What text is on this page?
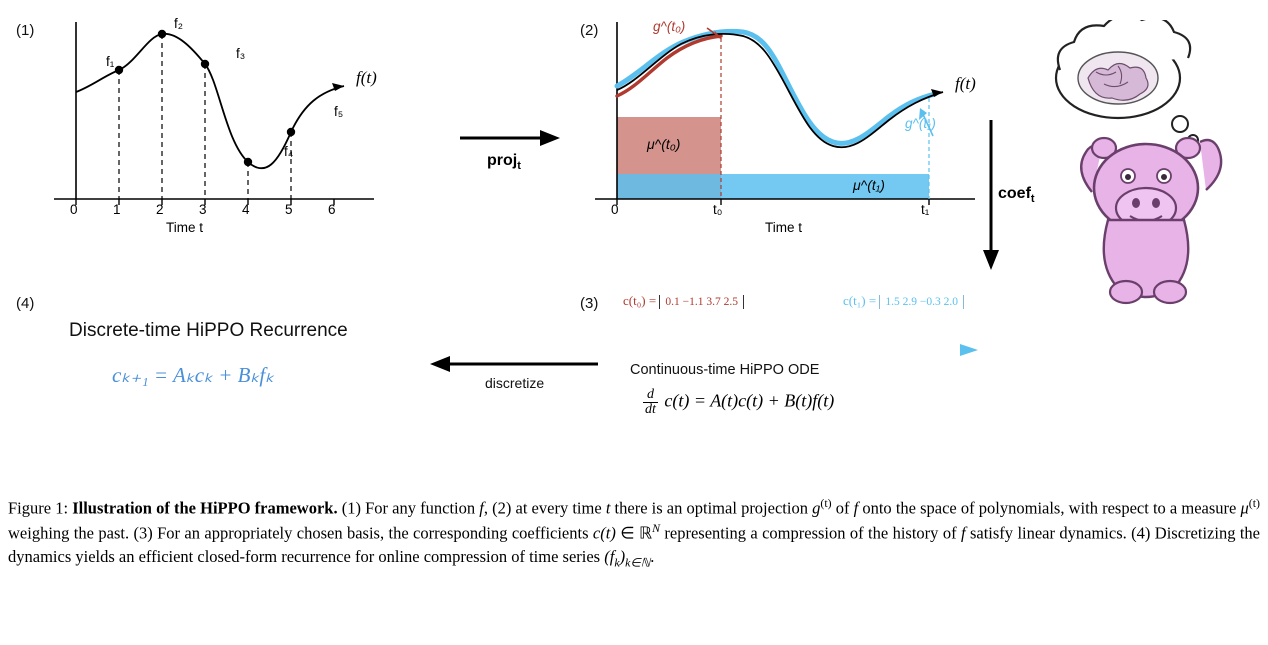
(1)
f₁
f₂
f₃
f₄
f₅
f(t)
0	1	2	3	4	5	6
Time t
proj$_t$
(2)	g^(t₀)
g^(t₁)
μ^(t₀)
μ^(t₁)
f(t)
0	t₀	t₁
Time t
coef$_t$
(3) c(t₀) = 0.1 −1.1 3.7 2.5	c(t₁) = 1.5 2.9 −0.3 2.0
Continuous-time HiPPO ODE
$\frac{d}{dt} c(t) = A(t)c(t) + B(t)f(t)$
discretize
(4)
Discrete-time HiPPO Recurrence
cₖ₊₁ = Aₖcₖ + Bₖfₖ
Figure 1: Illustration of the HiPPO framework. (1) For any function f, (2) at every time t there is an optimal projection $g^{(t)}$ of f onto the space of polynomials, with respect to a measure $\mu^{(t)}$ weighing the past. (3) For an appropriately chosen basis, the corresponding coefficients c(t) ∈ ℝ$^N$ representing a compression of the history of f satisfy linear dynamics. (4) Discretizing the dynamics yields an efficient closed-form recurrence for online compression of time series $(f_k)_{k\in ℕ}$.
